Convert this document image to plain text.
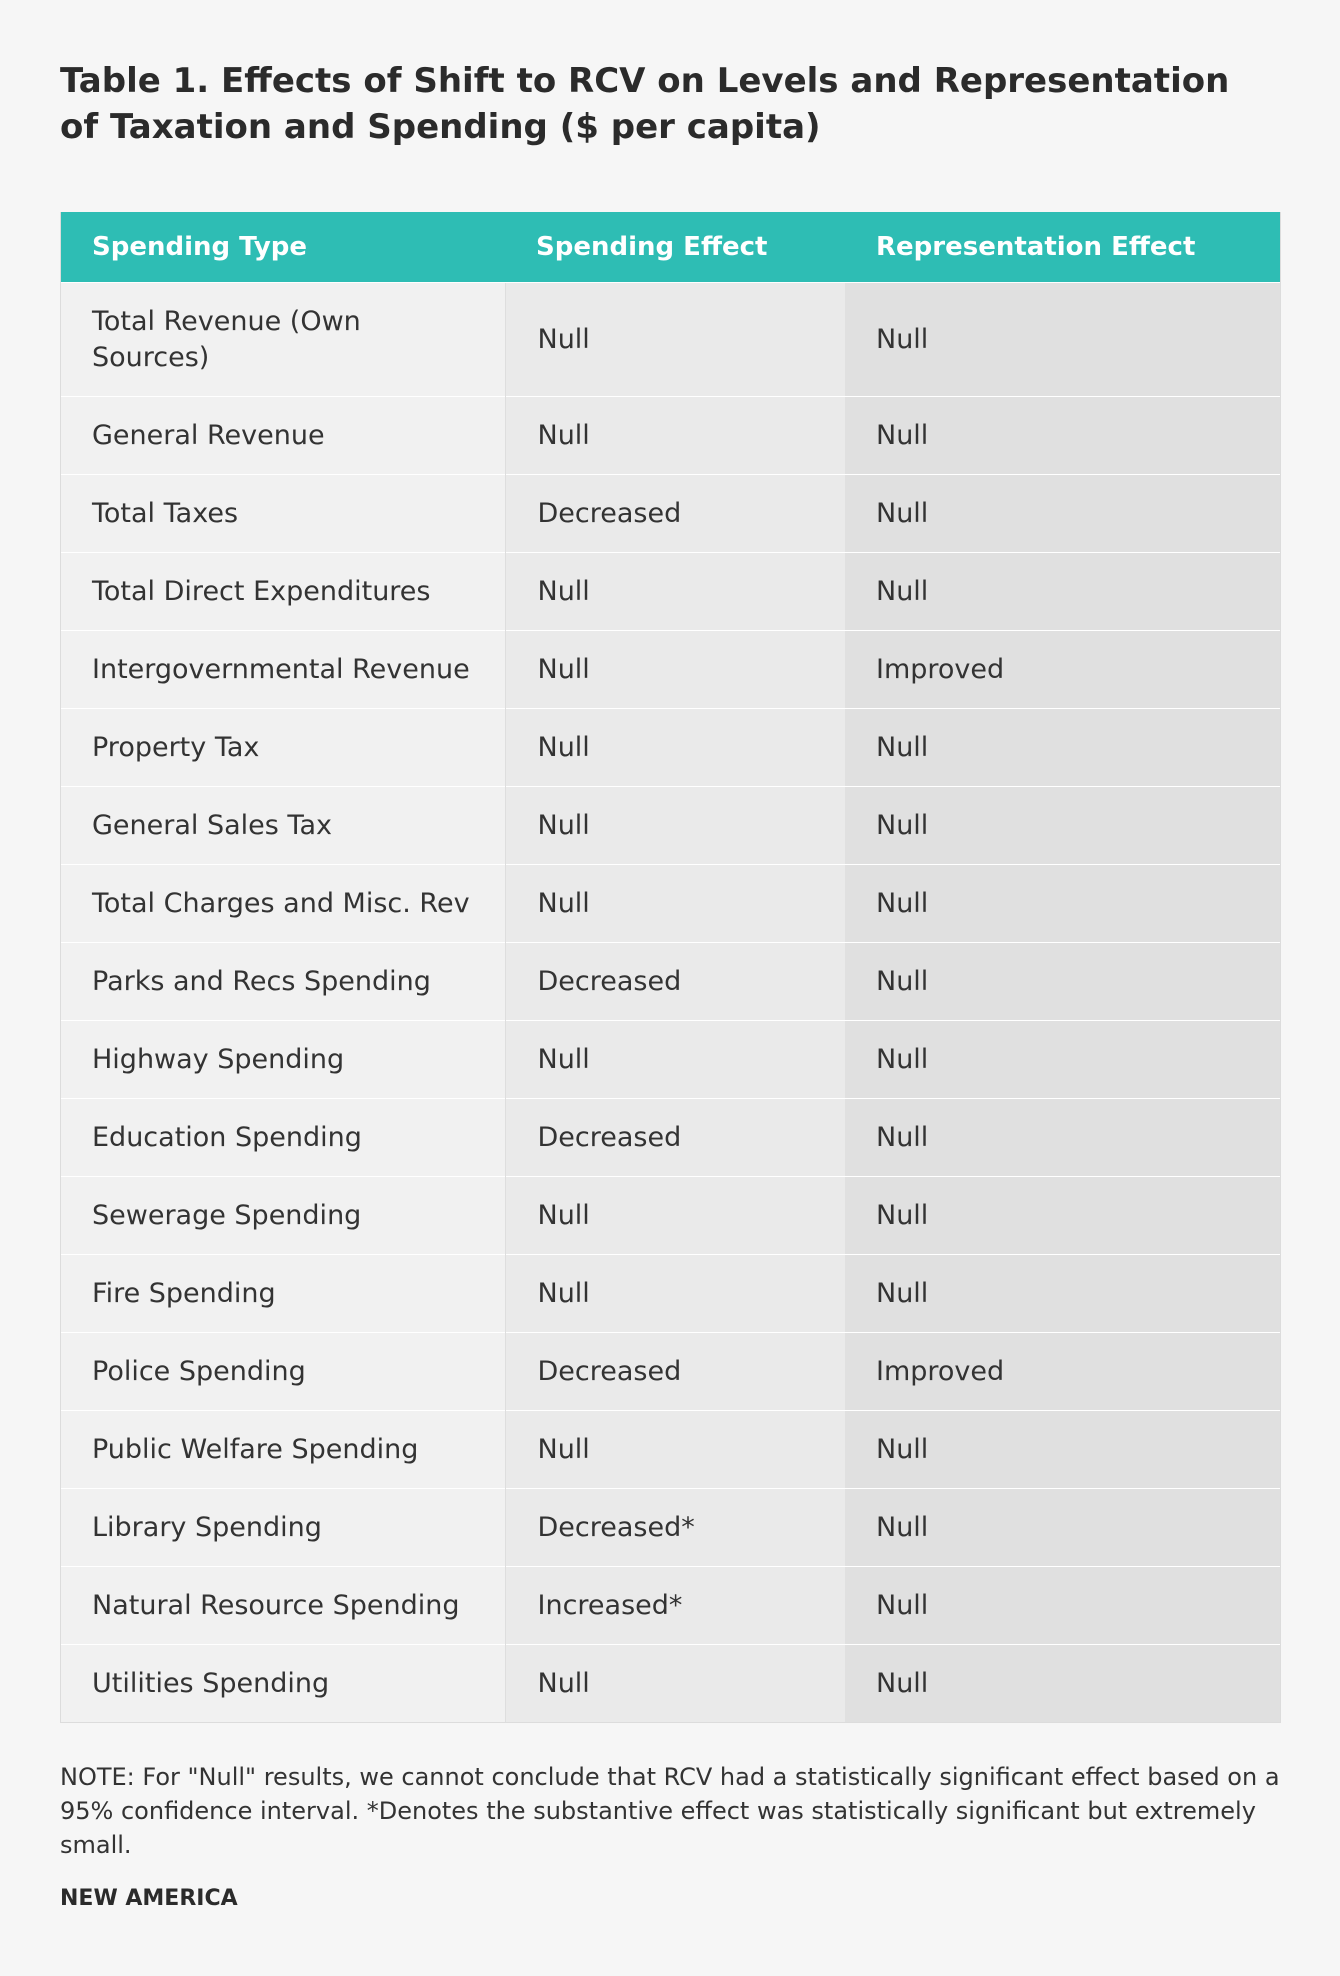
Table 1. Effects of Shift to RCV on Levels and Representation of Taxation and Spending ($ per capita)
Spending Type	Spending Effect	Representation Effect
Total Revenue (Own Sources)	Null	Null
General Revenue	Null	Null
Total Taxes	Decreased	Null
Total Direct Expenditures	Null	Null
Intergovernmental Revenue	Null	Improved
Property Tax	Null	Null
General Sales Tax	Null	Null
Total Charges and Misc. Rev	Null	Null
Parks and Recs Spending	Decreased	Null
Highway Spending	Null	Null
Education Spending	Decreased	Null
Sewerage Spending	Null	Null
Fire Spending	Null	Null
Police Spending	Decreased	Improved
Public Welfare Spending	Null	Null
Library Spending	Decreased*	Null
Natural Resource Spending	Increased*	Null
Utilities Spending	Null	Null

NOTE: For "Null" results, we cannot conclude that RCV had a statistically significant effect based on a 95% confidence interval. *Denotes the substantive effect was statistically significant but extremely small.

NEW AMERICA
